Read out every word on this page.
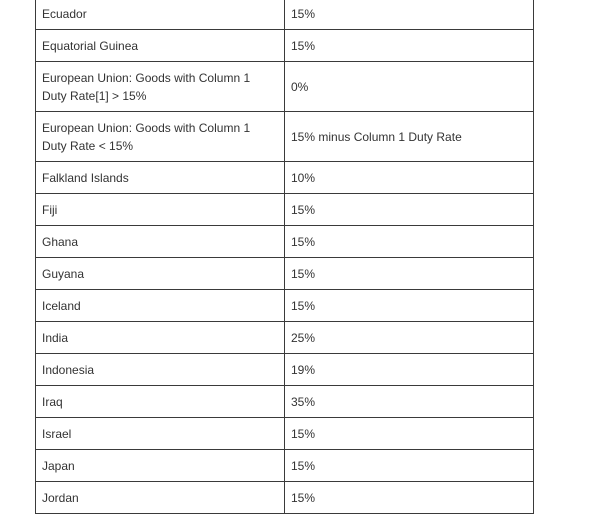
Ecuador	15%
Equatorial Guinea	15%
European Union: Goods with Column 1 Duty Rate[1] > 15%	0%
European Union: Goods with Column 1 Duty Rate < 15%	15% minus Column 1 Duty Rate
Falkland Islands	10%
Fiji	15%
Ghana	15%
Guyana	15%
Iceland	15%
India	25%
Indonesia	19%
Iraq	35%
Israel	15%
Japan	15%
Jordan	15%
